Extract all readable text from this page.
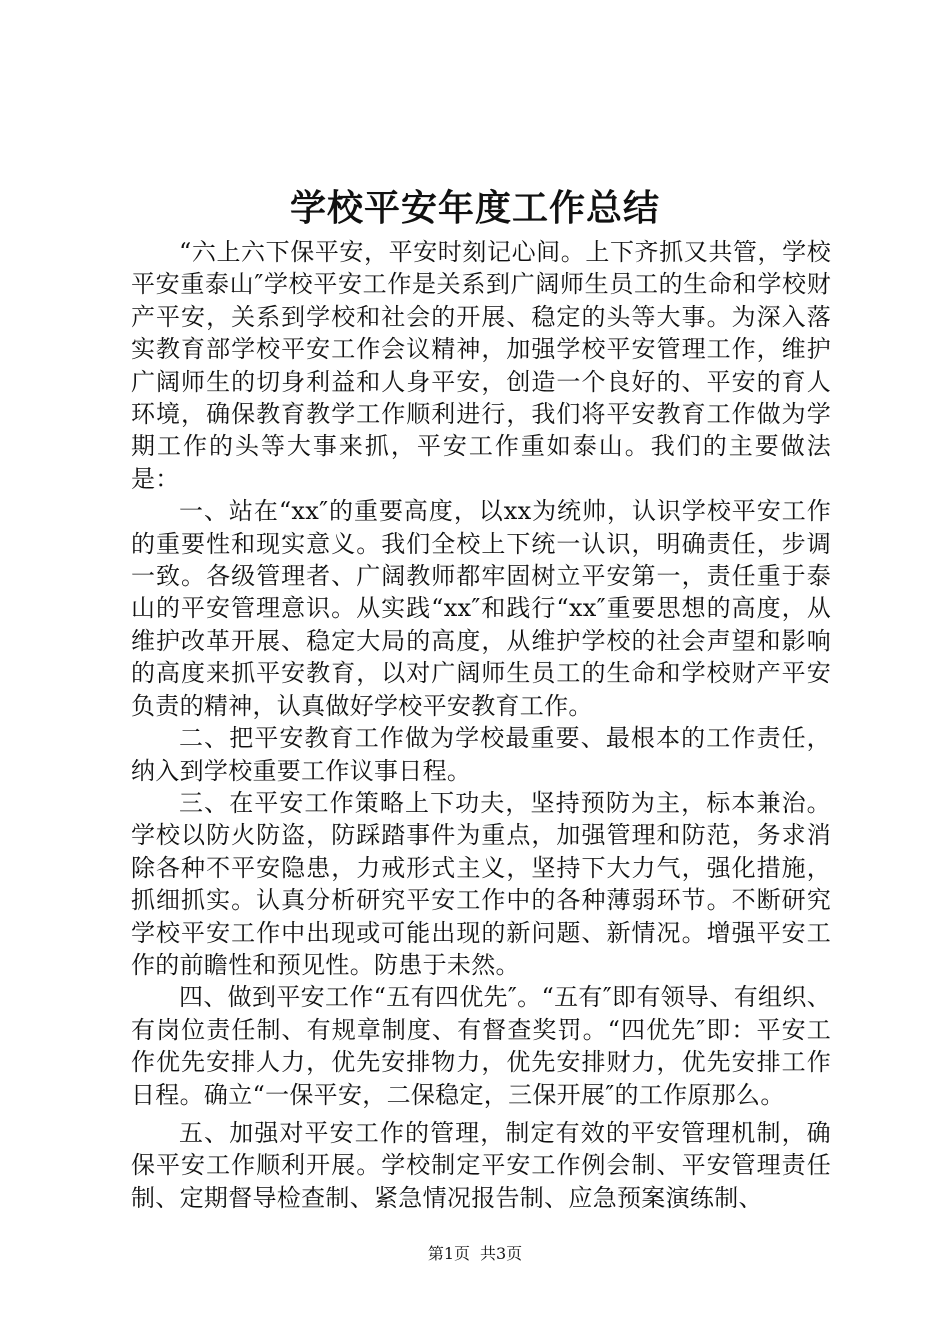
学校平安年度工作总结

“六上六下保平安，平安时刻记心间。上下齐抓又共管，学校平安重泰山″学校平安工作是关系到广阔师生员工的生命和学校财产平安，关系到学校和社会的开展、稳定的头等大事。为深入落实教育部学校平安工作会议精神，加强学校平安管理工作，维护广阔师生的切身利益和人身平安，创造一个良好的、平安的育人环境，确保教育教学工作顺利进行，我们将平安教育工作做为学期工作的头等大事来抓，平安工作重如泰山。我们的主要做法是：

一、站在“xx″的重要高度，以xx为统帅，认识学校平安工作的重要性和现实意义。我们全校上下统一认识，明确责任，步调一致。各级管理者、广阔教师都牢固树立平安第一，责任重于泰山的平安管理意识。从实践“xx″和践行“xx″重要思想的高度，从维护改革开展、稳定大局的高度，从维护学校的社会声望和影响的高度来抓平安教育，以对广阔师生员工的生命和学校财产平安负责的精神，认真做好学校平安教育工作。

二、把平安教育工作做为学校最重要、最根本的工作责任，纳入到学校重要工作议事日程。

三、在平安工作策略上下功夫，坚持预防为主，标本兼治。学校以防火防盗，防踩踏事件为重点，加强管理和防范，务求消除各种不平安隐患，力戒形式主义，坚持下大力气，强化措施，抓细抓实。认真分析研究平安工作中的各种薄弱环节。不断研究学校平安工作中出现或可能出现的新问题、新情况。增强平安工作的前瞻性和预见性。防患于未然。

四、做到平安工作“五有四优先″。“五有″即有领导、有组织、有岗位责任制、有规章制度、有督查奖罚。“四优先″即：平安工作优先安排人力，优先安排物力，优先安排财力，优先安排工作日程。确立“一保平安，二保稳定，三保开展″的工作原那么。

五、加强对平安工作的管理，制定有效的平安管理机制，确保平安工作顺利开展。学校制定平安工作例会制、平安管理责任制、定期督导检查制、紧急情况报告制、应急预案演练制、

第1页 共3页
